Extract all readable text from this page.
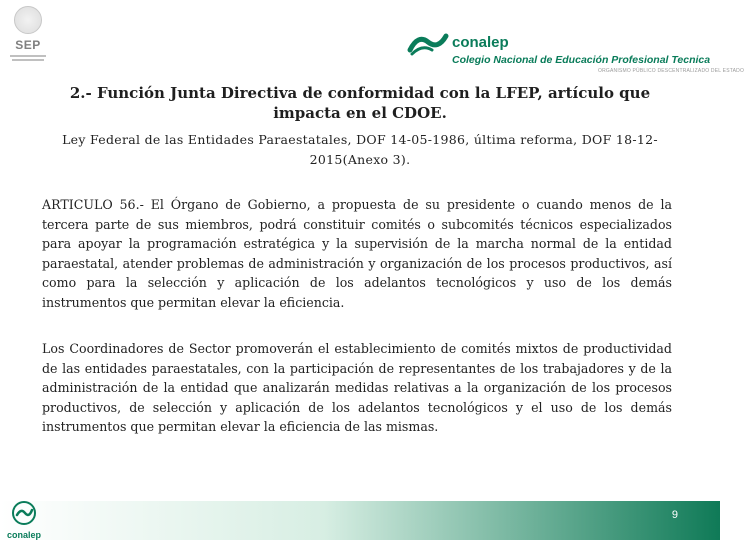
SEP	conalep
Colegio Nacional de Educación Profesional Tecnica
ORGANISMO PÚBLICO DESCENTRALIZADO DEL ESTADO
2.- Función Junta Directiva de conformidad con la LFEP, artículo que impacta en el CDOE.
Ley Federal de las Entidades Paraestatales, DOF 14-05-1986, última reforma, DOF 18-12-2015(Anexo 3).

ARTICULO 56.- El Órgano de Gobierno, a propuesta de su presidente o cuando menos de la tercera parte de sus miembros, podrá constituir comités o subcomités técnicos especializados para apoyar la programación estratégica y la supervisión de la marcha normal de la entidad paraestatal, atender problemas de administración y organización de los procesos productivos, así como para la selección y aplicación de los adelantos tecnológicos y uso de los demás instrumentos que permitan elevar la eficiencia.

Los Coordinadores de Sector promoverán el establecimiento de comités mixtos de productividad de las entidades paraestatales, con la participación de representantes de los trabajadores y de la administración de la entidad que analizarán medidas relativas a la organización de los procesos productivos, de selección y aplicación de los adelantos tecnológicos y el uso de los demás instrumentos que permitan elevar la eficiencia de las mismas.

9
conalep
